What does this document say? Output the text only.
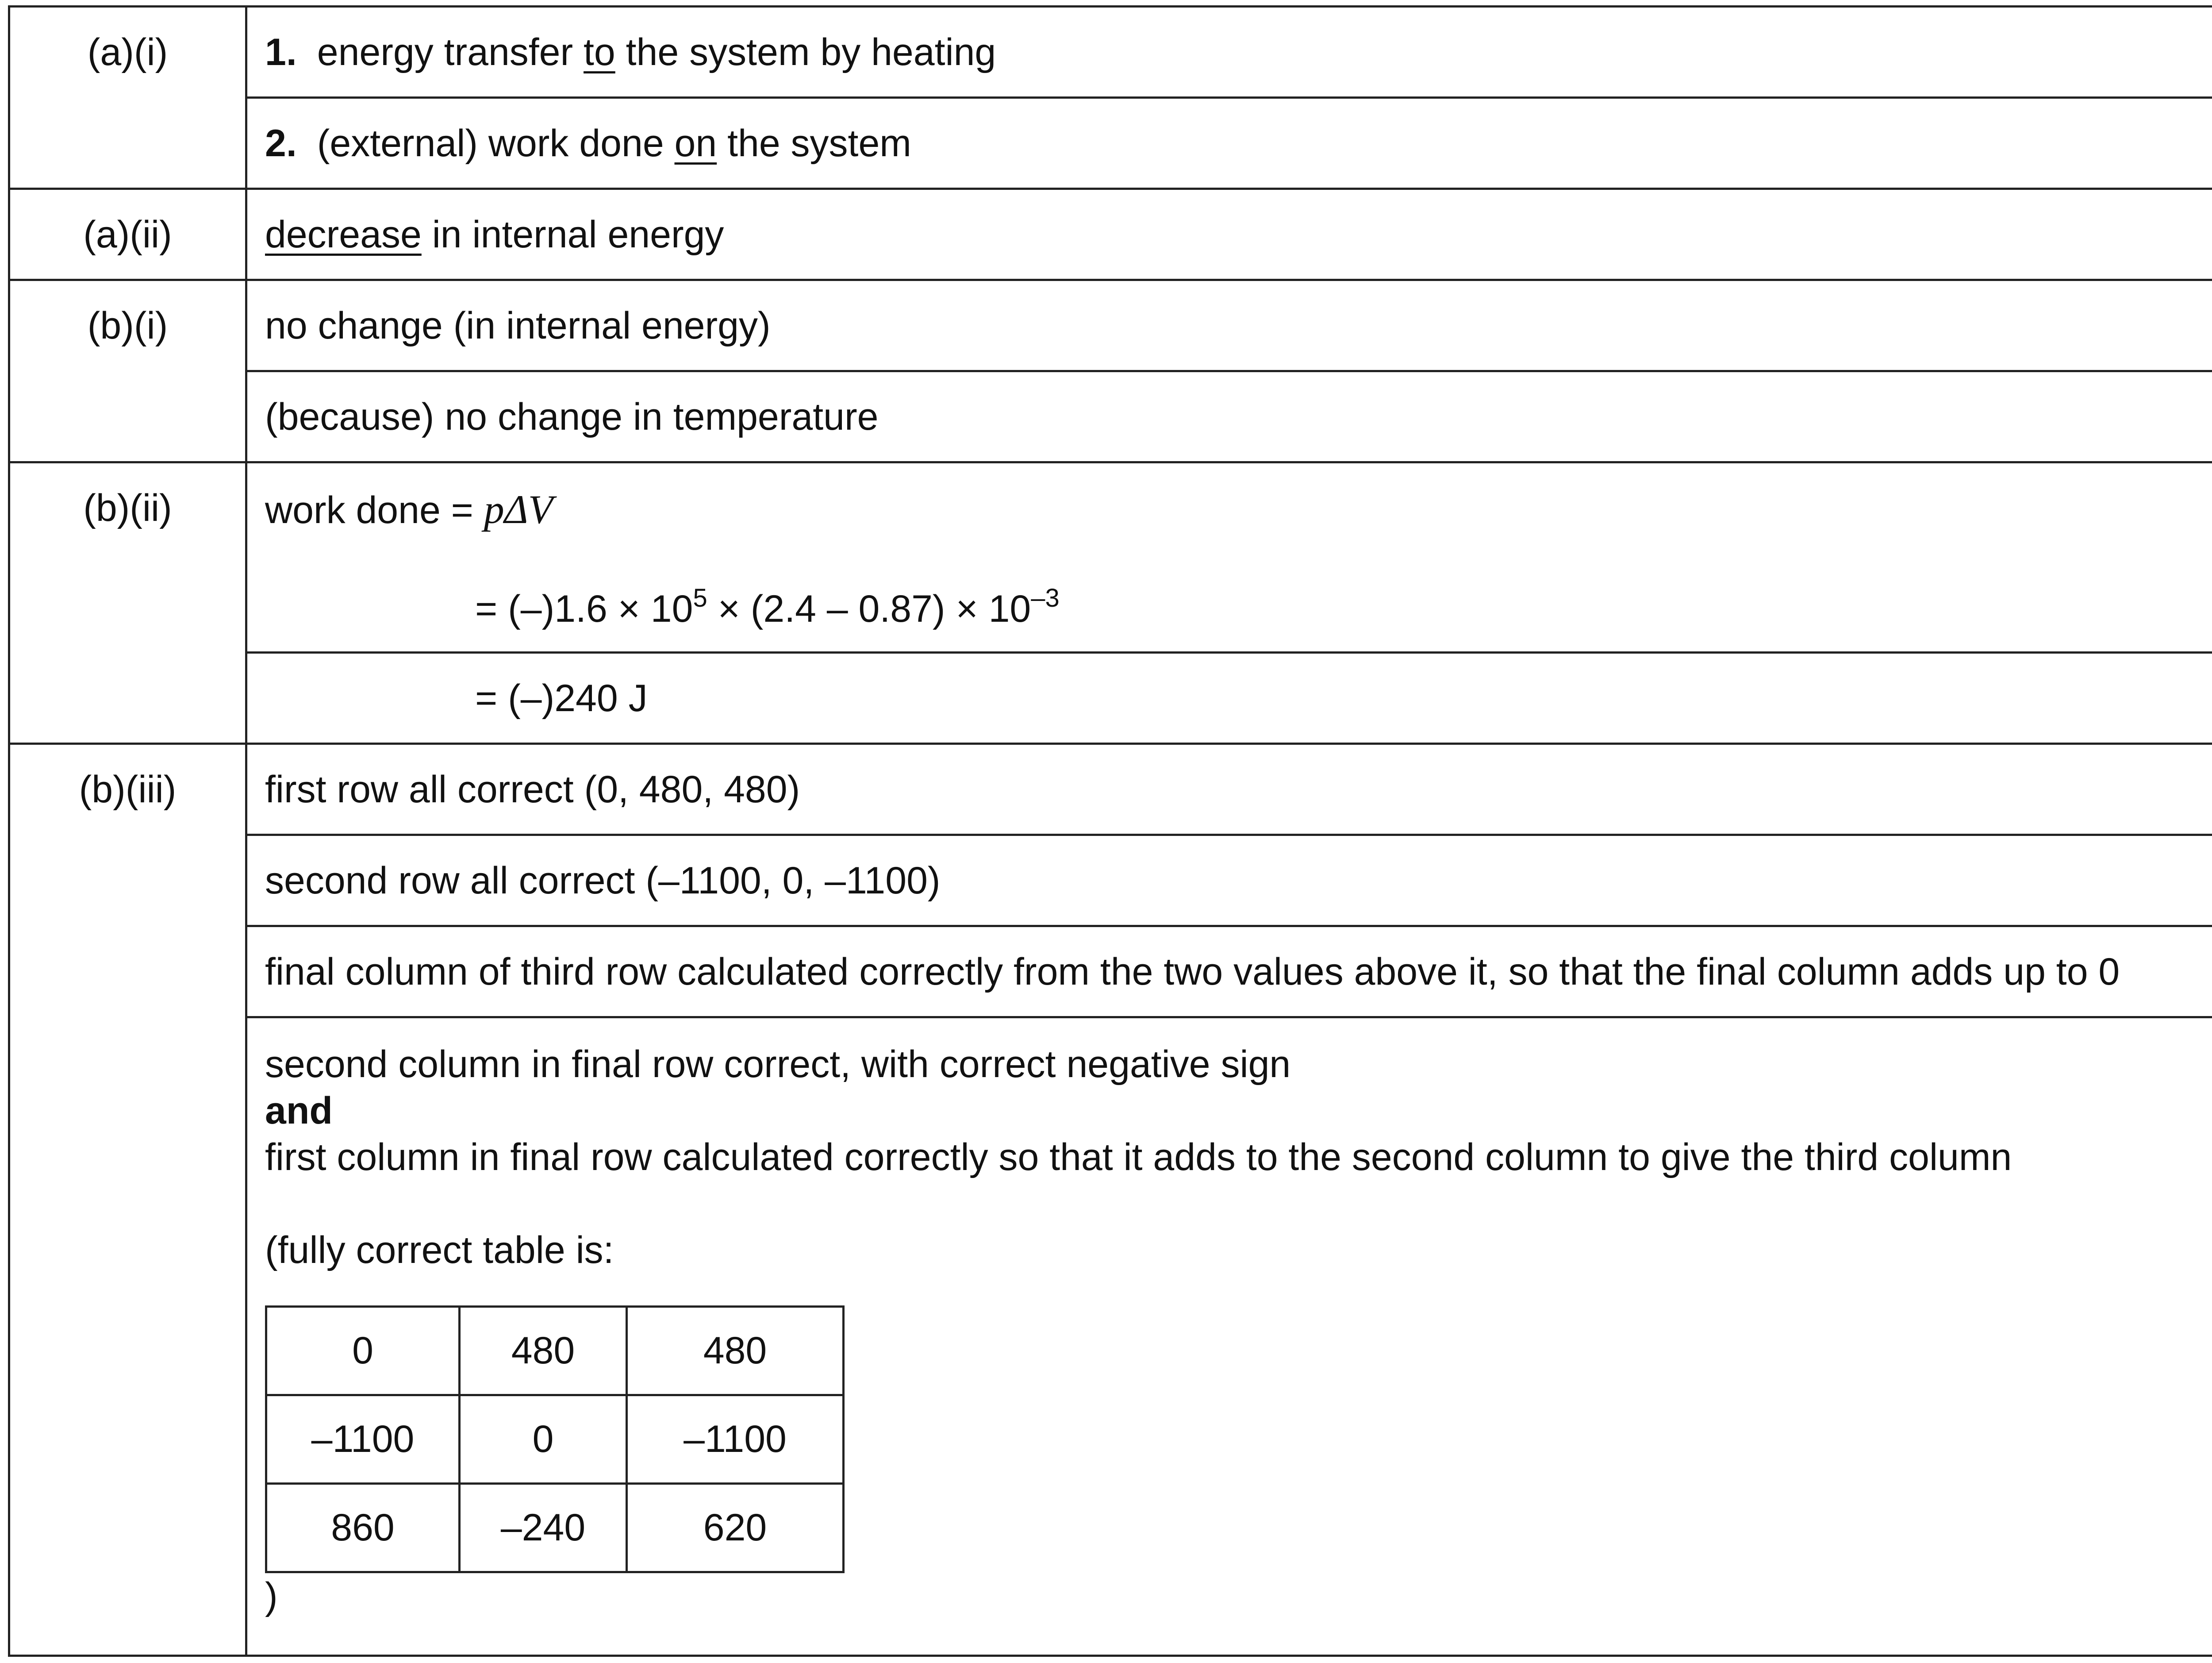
(a)(i)	1. energy transfer to the system by heating	
2. (external) work done on the system	
(a)(ii)	decrease in internal energy	
(b)(i)	no change (in internal energy)	
(because) no change in temperature	
(b)(ii)	work done = pΔV
= $(-)1.6 \times 10^5 \times (2.4 - 0.87) \times 10^{-3}$

= (–)240 J	
(b)(iii)	first row all correct (0, 480, 480)	
second row all correct (–1100, 0, –1100)	
final column of third row calculated correctly from the two values above it, so that the final column adds up to 0	

second column in final row correct, with correct negative sign
and
first column in final row calculated correctly so that it adds to the second column to give the third column
(fully correct table is:
0	480	480
–1100	0	–1100
860	–240	620
)
